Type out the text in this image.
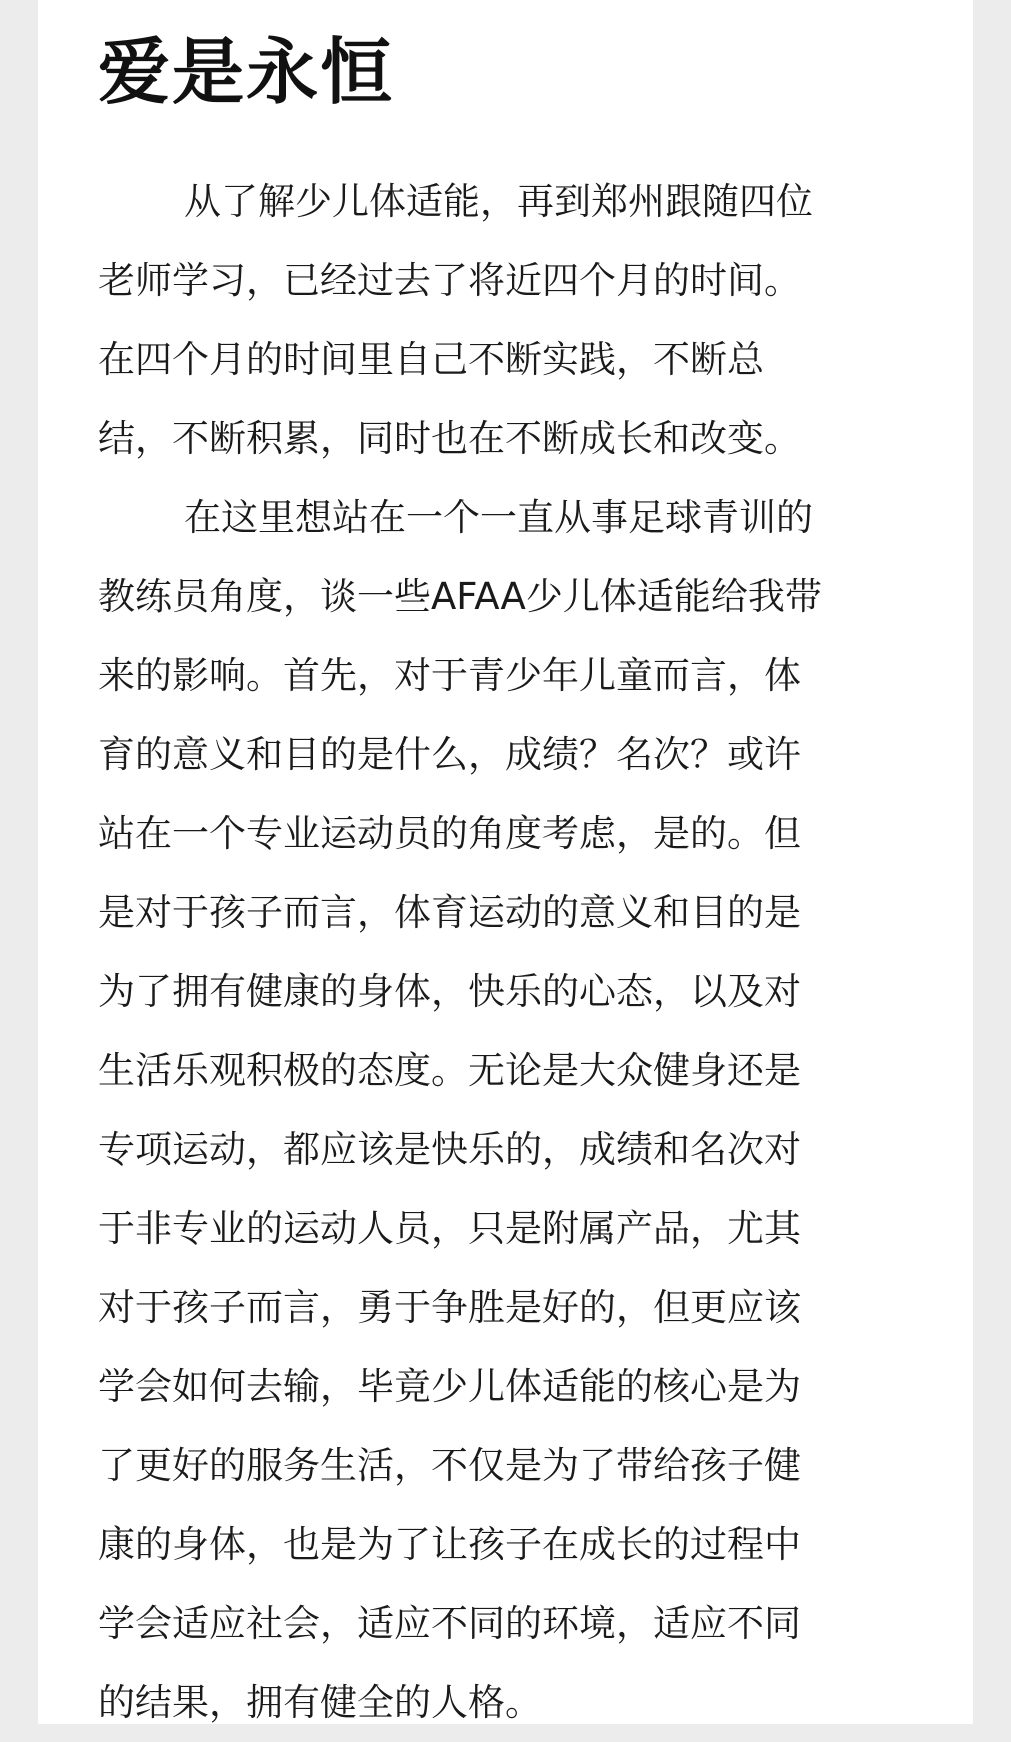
爱是永恒
从了解少儿体适能，再到郑州跟随四位
老师学习，已经过去了将近四个月的时间。
在四个月的时间里自己不断实践，不断总
结，不断积累，同时也在不断成长和改变。
在这里想站在一个一直从事足球青训的
教练员角度，谈一些AFAA少儿体适能给我带
来的影响。首先，对于青少年儿童而言，体
育的意义和目的是什么，成绩？名次？或许
站在一个专业运动员的角度考虑，是的。但
是对于孩子而言，体育运动的意义和目的是
为了拥有健康的身体，快乐的心态，以及对
生活乐观积极的态度。无论是大众健身还是
专项运动，都应该是快乐的，成绩和名次对
于非专业的运动人员，只是附属产品，尤其
对于孩子而言，勇于争胜是好的，但更应该
学会如何去输，毕竟少儿体适能的核心是为
了更好的服务生活，不仅是为了带给孩子健
康的身体，也是为了让孩子在成长的过程中
学会适应社会，适应不同的环境，适应不同
的结果，拥有健全的人格。
